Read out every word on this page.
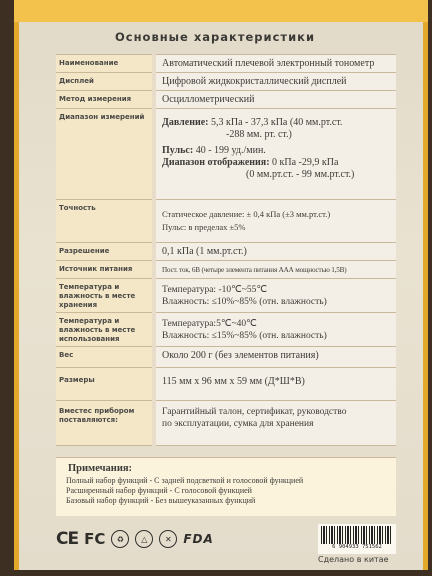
Основные характеристики
Наименование	Автоматический плечевой электронный тонометр
Дисплей	Цифровой жидкокристаллический дисплей
Метод измерения	Осциллометрический
Диапазон измерений	Давление: 5,3 кПа - 37,3 кПа (40 мм.рт.ст.
-288 мм. рт. ст.)
Пульс: 40 - 199 уд./мин.
Диапазон отображения: 0 кПа -29,9 кПа
(0 мм.рт.ст. - 99 мм.рт.ст.)

Точность	Статическое давление: ± 0,4 кПа (±3 мм.рт.ст.)
Пульс: в пределах ±5%

Разрешение	0,1 кПа (1 мм.рт.ст.)
Источник питания	Пост. ток, 6В (четыре элемента питания ААА мощностью 1,5В)
Температура и влажность в месте хранения	Температура: -10℃~55℃
Влажность: ≤10%~85% (отн. влажность)

Температура и влажность в месте использования	Температура:5℃~40℃
Влажность: ≤15%~85% (отн. влажность)

Вес	Около 200 г (без элементов питания)
Размеры	115 мм х 96 мм х 59 мм (Д*Ш*В)
Вместес прибором поставляются:	Гарантийный талон, сертификат, руководство
по эксплуатации, сумка для хранения
Примечания:
Полный набор функций - С задней подсветкой и голосовой функцией
Расширенный набор функций - С голосовой функцией
Базовый набор функций - Без вышеуказанных функций
CE FC	♻	△	✕ FDA
6 904933 751562
Сделано в китае
